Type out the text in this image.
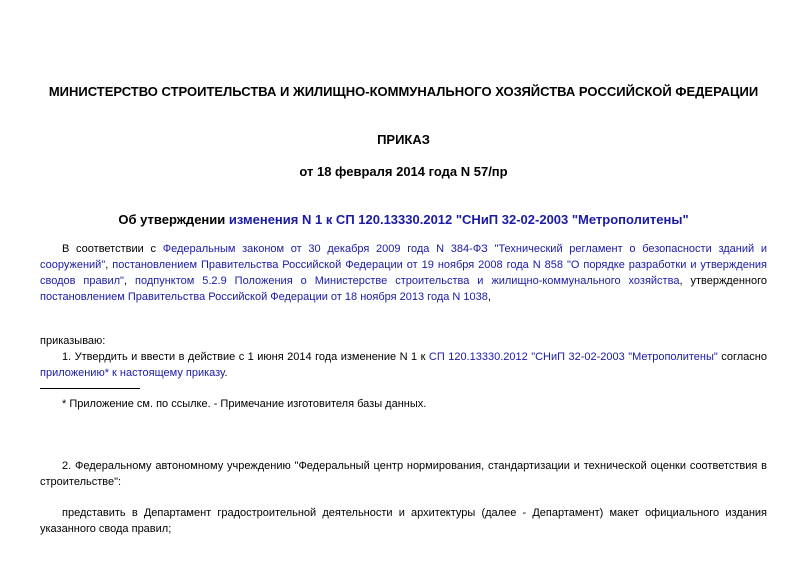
МИНИСТЕРСТВО СТРОИТЕЛЬСТВА И ЖИЛИЩНО-КОММУНАЛЬНОГО ХОЗЯЙСТВА РОССИЙСКОЙ ФЕДЕРАЦИИ
ПРИКАЗ
от 18 февраля 2014 года N 57/пр
Об утверждении изменения N 1 к СП 120.13330.2012 "СНиП 32-02-2003 "Метрополитены"
В соответствии с Федеральным законом от 30 декабря 2009 года N 384-ФЗ "Технический регламент о безопасности зданий и сооружений", постановлением Правительства Российской Федерации от 19 ноября 2008 года N 858 "О порядке разработки и утверждения сводов правил", подпунктом 5.2.9 Положения о Министерстве строительства и жилищно-коммунального хозяйства, утвержденного постановлением Правительства Российской Федерации от 18 ноября 2013 года N 1038,
приказываю:
1. Утвердить и ввести в действие с 1 июня 2014 года изменение N 1 к СП 120.13330.2012 "СНиП 32-02-2003 "Метрополитены" согласно приложению* к настоящему приказу.
* Приложение см. по ссылке. - Примечание изготовителя базы данных.
2. Федеральному автономному учреждению "Федеральный центр нормирования, стандартизации и технической оценки соответствия в строительстве":
представить в Департамент градостроительной деятельности и архитектуры (далее - Департамент) макет официального издания указанного свода правил;
